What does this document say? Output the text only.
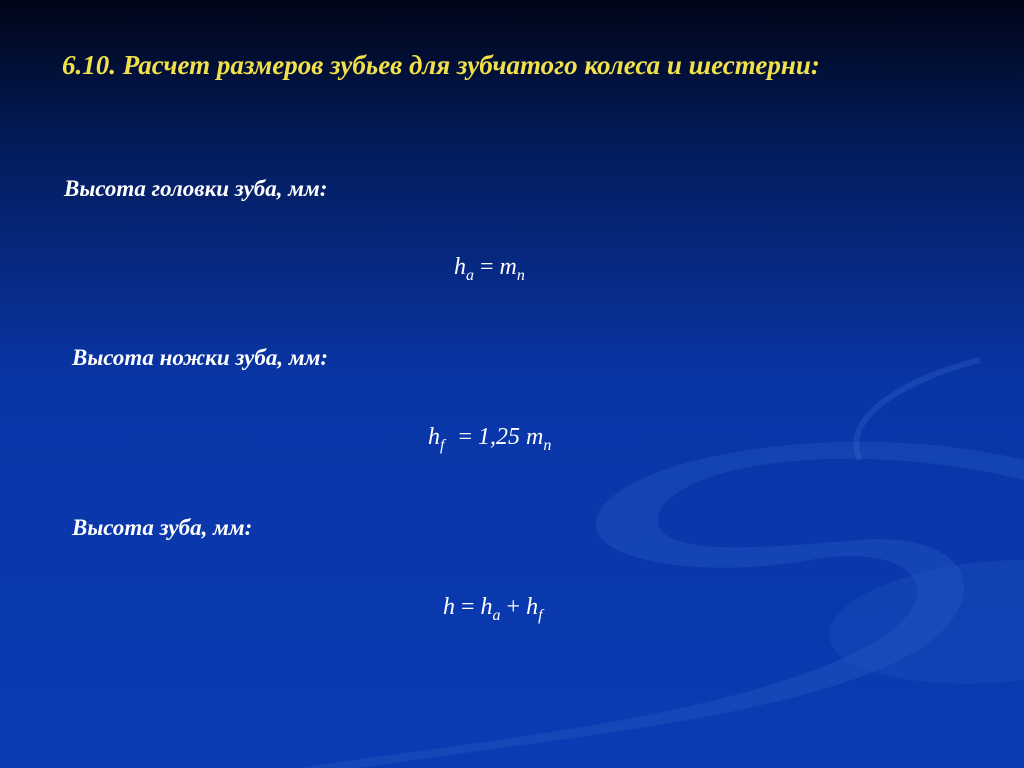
6.10. Расчет размеров зубьев для зубчатого колеса и шестерни:
Высота головки зуба, мм:
$h_a = m_n$
Высота ножки зуба, мм:
$h_f = 1,25$ $m_n$
Высота зуба, мм:
$h = h_a + h_f$
